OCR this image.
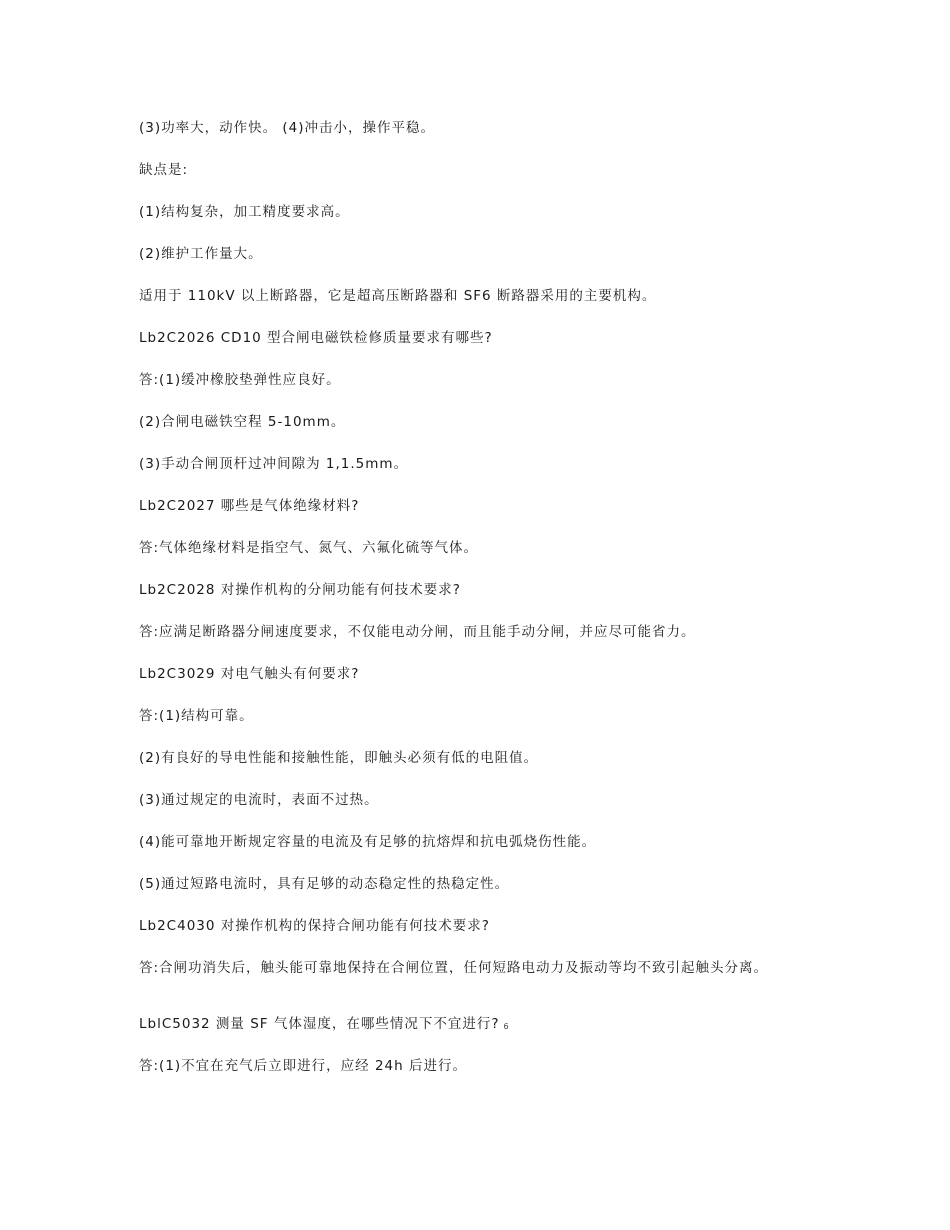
(3)功率大，动作快。 (4)冲击小，操作平稳。
缺点是:
(1)结构复杂，加工精度要求高。
(2)维护工作量大。
适用于 110kV 以上断路器，它是超高压断路器和 SF6 断路器采用的主要机构。
Lb2C2026 CD10 型合闸电磁铁检修质量要求有哪些?
答:(1)缓冲橡胶垫弹性应良好。
(2)合闸电磁铁空程 5-10mm。
(3)手动合闸顶杆过冲间隙为 1,1.5mm。
Lb2C2027 哪些是气体绝缘材料?
答:气体绝缘材料是指空气、氮气、六氟化硫等气体。
Lb2C2028 对操作机构的分闸功能有何技术要求?
答:应满足断路器分闸速度要求，不仅能电动分闸，而且能手动分闸，并应尽可能省力。
Lb2C3029 对电气触头有何要求?
答:(1)结构可靠。
(2)有良好的导电性能和接触性能，即触头必须有低的电阻值。
(3)通过规定的电流时，表面不过热。
(4)能可靠地开断规定容量的电流及有足够的抗熔焊和抗电弧烧伤性能。
(5)通过短路电流时，具有足够的动态稳定性的热稳定性。
Lb2C4030 对操作机构的保持合闸功能有何技术要求?
答:合闸功消失后，触头能可靠地保持在合闸位置，任何短路电动力及振动等均不致引起触头分离。
LblC5032 测量 SF 气体湿度，在哪些情况下不宜进行? 6
答:(1)不宜在充气后立即进行，应经 24h 后进行。
